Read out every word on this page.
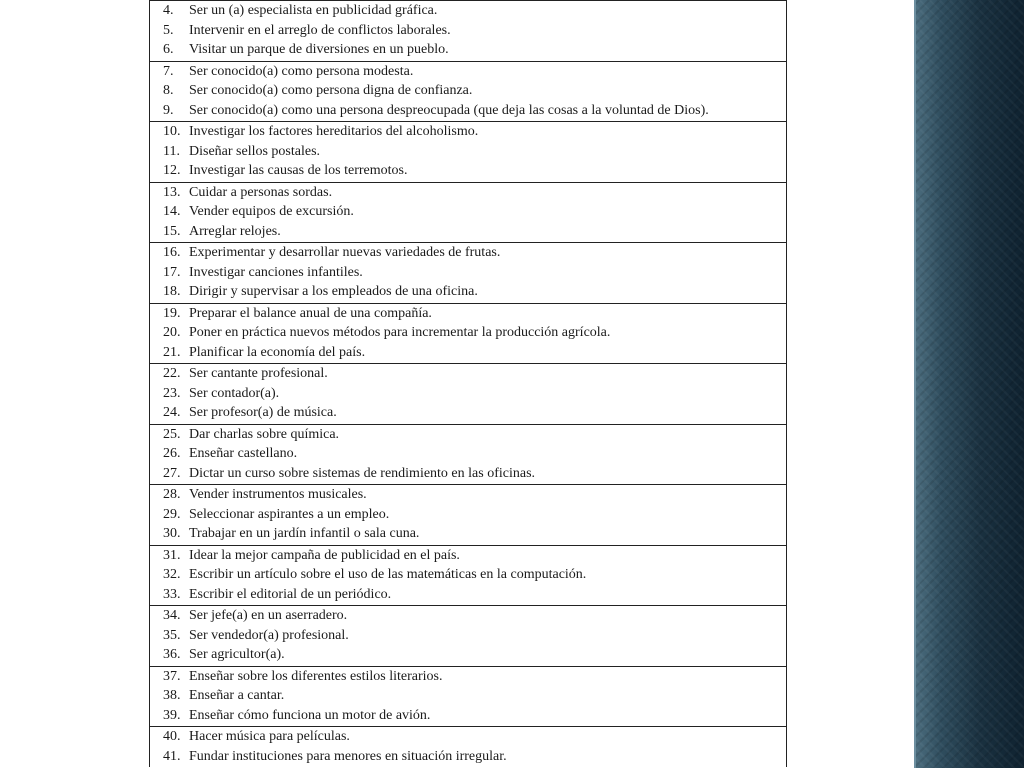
4. Ser un (a) especialista en publicidad gráfica.
5. Intervenir en el arreglo de conflictos laborales.
6. Visitar un parque de diversiones en un pueblo.
7. Ser conocido(a) como persona modesta.
8. Ser conocido(a) como persona digna de confianza.
9. Ser conocido(a) como una persona despreocupada (que deja las cosas a la voluntad de Dios).
10. Investigar los factores hereditarios del alcoholismo.
11. Diseñar sellos postales.
12. Investigar las causas de los terremotos.
13. Cuidar a personas sordas.
14. Vender equipos de excursión.
15. Arreglar relojes.
16. Experimentar y desarrollar nuevas variedades de frutas.
17. Investigar canciones infantiles.
18. Dirigir y supervisar a los empleados de una oficina.
19. Preparar el balance anual de una compañía.
20. Poner en práctica nuevos métodos para incrementar la producción agrícola.
21. Planificar la economía del país.
22. Ser cantante profesional.
23. Ser contador(a).
24. Ser profesor(a) de música.
25. Dar charlas sobre química.
26. Enseñar castellano.
27. Dictar un curso sobre sistemas de rendimiento en las oficinas.
28. Vender instrumentos musicales.
29. Seleccionar aspirantes a un empleo.
30. Trabajar en un jardín infantil o sala cuna.
31. Idear la mejor campaña de publicidad en el país.
32. Escribir un artículo sobre el uso de las matemáticas en la computación.
33. Escribir el editorial de un periódico.
34. Ser jefe(a) en un aserradero.
35. Ser vendedor(a) profesional.
36. Ser agricultor(a).
37. Enseñar sobre los diferentes estilos literarios.
38. Enseñar a cantar.
39. Enseñar cómo funciona un motor de avión.
40. Hacer música para películas.
41. Fundar instituciones para menores en situación irregular.
